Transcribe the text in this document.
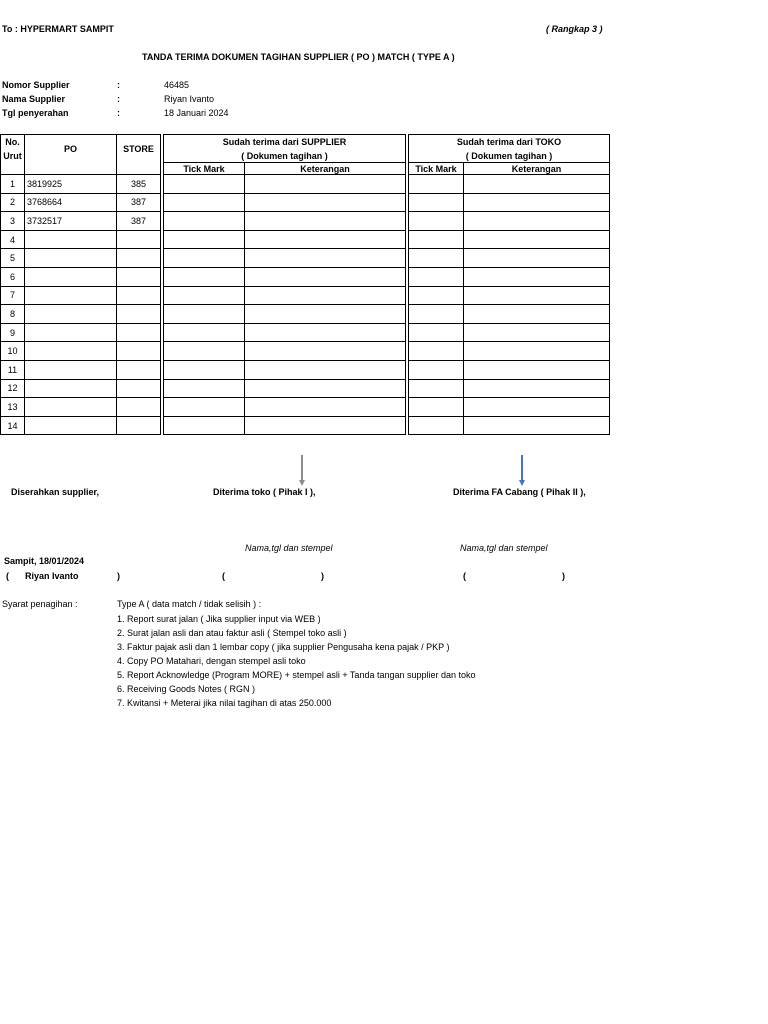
To : HYPERMART SAMPIT	( Rangkap 3 )
TANDA TERIMA DOKUMEN TAGIHAN SUPPLIER ( PO ) MATCH ( TYPE A )
Nomor Supplier	:	46485
Nama Supplier	:	Riyan Ivanto
Tgl penyerahan	:	18 Januari 2024
No.	PO	STORE		Sudah terima dari SUPPLIER			Sudah terima dari TOKO	
Urut				( Dokumen tagihan )			( Dokumen tagihan )	
				Tick Mark	Keterangan		Tick Mark	Keterangan
1	3819925	385						
2	3768664	387						
3	3732517	387						
4								
5								
6								
7								
8								
9								
10								
11								
12								
13								
14								
Diserahkan supplier,	Diterima toko ( Pihak I ),	Diterima FA Cabang ( Pihak II ),
Nama,tgl dan stempel	Nama,tgl dan stempel
Sampit, 18/01/2024
( Riyan Ivanto	)	(	)	(	)
Syarat penagihan :	Type A ( data match / tidak selisih ) :
1. Report surat jalan ( Jika supplier input via WEB )
2. Surat jalan asli dan atau faktur asli ( Stempel toko asli )
3. Faktur pajak asli dan 1 lembar copy ( jika supplier Pengusaha kena pajak / PKP )
4. Copy PO Matahari, dengan stempel asli toko
5. Report Acknowledge (Program MORE) + stempel asli + Tanda tangan supplier dan toko
6. Receiving Goods Notes ( RGN )
7. Kwitansi + Meterai jika nilai tagihan di atas 250.000
